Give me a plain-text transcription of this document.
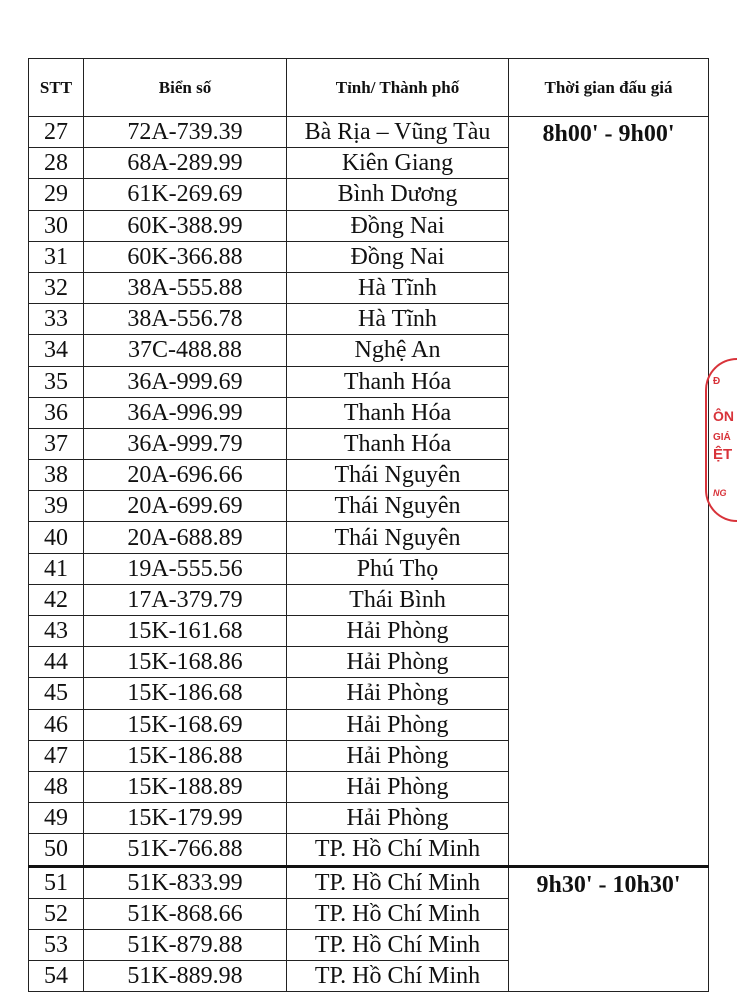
STT	Biển số	Tỉnh/ Thành phố	Thời gian đấu giá
27	72A-739.39	Bà Rịa – Vũng Tàu	8h00' - 9h00'
28	68A-289.99	Kiên Giang	
29	61K-269.69	Bình Dương	
30	60K-388.99	Đồng Nai	
31	60K-366.88	Đồng Nai	
32	38A-555.88	Hà Tĩnh	
33	38A-556.78	Hà Tĩnh	
34	37C-488.88	Nghệ An	
35	36A-999.69	Thanh Hóa	
36	36A-996.99	Thanh Hóa	
37	36A-999.79	Thanh Hóa	
38	20A-696.66	Thái Nguyên	
39	20A-699.69	Thái Nguyên	
40	20A-688.89	Thái Nguyên	
41	19A-555.56	Phú Thọ	
42	17A-379.79	Thái Bình	
43	15K-161.68	Hải Phòng	
44	15K-168.86	Hải Phòng	
45	15K-186.68	Hải Phòng	
46	15K-168.69	Hải Phòng	
47	15K-186.88	Hải Phòng	
48	15K-188.89	Hải Phòng	
49	15K-179.99	Hải Phòng	
50	51K-766.88	TP. Hồ Chí Minh	
51	51K-833.99	TP. Hồ Chí Minh	9h30' - 10h30'
52	51K-868.66	TP. Hồ Chí Minh	
53	51K-879.88	TP. Hồ Chí Minh	
54	51K-889.98	TP. Hồ Chí Minh	
Đ
ÔN
GIÁ
ỆT
NG
